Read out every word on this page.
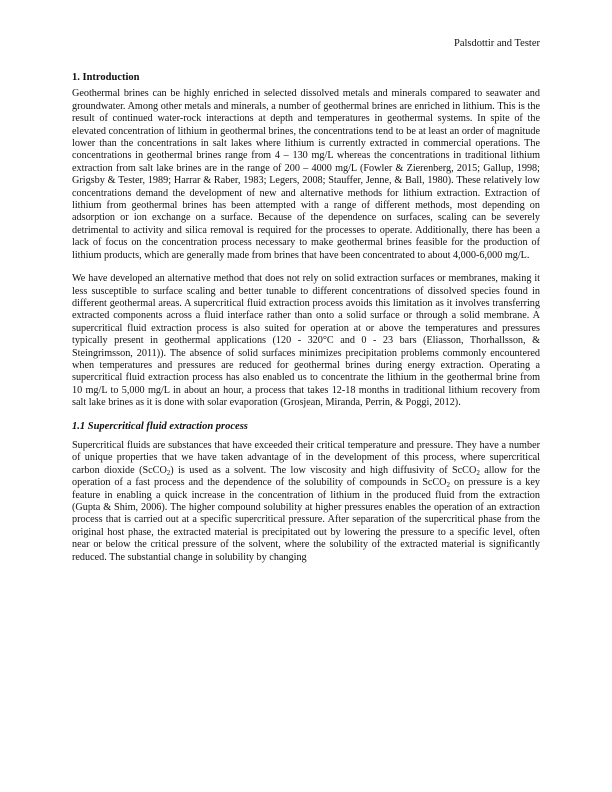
Palsdottir and Tester
1. Introduction

Geothermal brines can be highly enriched in selected dissolved metals and minerals compared to seawater and groundwater. Among other metals and minerals, a number of geothermal brines are enriched in lithium. This is the result of continued water-rock interactions at depth and temperatures in geothermal systems. In spite of the elevated concentration of lithium in geothermal brines, the concentrations tend to be at least an order of magnitude lower than the concentrations in salt lakes where lithium is currently extracted in commercial operations. The concentrations in geothermal brines range from 4 – 130 mg/L whereas the concentrations in traditional lithium extraction from salt lake brines are in the range of 200 – 4000 mg/L (Fowler & Zierenberg, 2015; Gallup, 1998; Grigsby & Tester, 1989; Harrar & Raber, 1983; Legers, 2008; Stauffer, Jenne, & Ball, 1980). These relatively low concentrations demand the development of new and alternative methods for lithium extraction. Extraction of lithium from geothermal brines has been attempted with a range of different methods, most depending on adsorption or ion exchange on a surface. Because of the dependence on surfaces, scaling can be severely detrimental to activity and silica removal is required for the processes to operate. Additionally, there has been a lack of focus on the concentration process necessary to make geothermal brines feasible for the production of lithium products, which are generally made from brines that have been concentrated to about 4,000-6,000 mg/L.

We have developed an alternative method that does not rely on solid extraction surfaces or membranes, making it less susceptible to surface scaling and better tunable to different concentrations of dissolved species found in different geothermal areas. A supercritical fluid extraction process avoids this limitation as it involves transferring extracted components across a fluid interface rather than onto a solid surface or through a solid membrane. A supercritical fluid extraction process is also suited for operation at or above the temperatures and pressures typically present in geothermal applications (120 - 320°C and 0 - 23 bars (Eliasson, Thorhallsson, & Steingrimsson, 2011)). The absence of solid surfaces minimizes precipitation problems commonly encountered when temperatures and pressures are reduced for geothermal brines during energy extraction. Operating a supercritical fluid extraction process has also enabled us to concentrate the lithium in the geothermal brine from 10 mg/L to 5,000 mg/L in about an hour, a process that takes 12-18 months in traditional lithium recovery from salt lake brines as it is done with solar evaporation (Grosjean, Miranda, Perrin, & Poggi, 2012).

1.1 Supercritical fluid extraction process

Supercritical fluids are substances that have exceeded their critical temperature and pressure. They have a number of unique properties that we have taken advantage of in the development of this process, where supercritical carbon dioxide (ScCO$_2$) is used as a solvent. The low viscosity and high diffusivity of ScCO$_2$ allow for the operation of a fast process and the dependence of the solubility of compounds in ScCO$_2$ on pressure is a key feature in enabling a quick increase in the concentration of lithium in the produced fluid from the extraction (Gupta & Shim, 2006). The higher compound solubility at higher pressures enables the operation of an extraction process that is carried out at a specific supercritical pressure. After separation of the supercritical phase from the original host phase, the extracted material is precipitated out by lowering the pressure to a specific level, often near or below the critical pressure of the solvent, where the solubility of the extracted material is significantly reduced. The substantial change in solubility by changing
